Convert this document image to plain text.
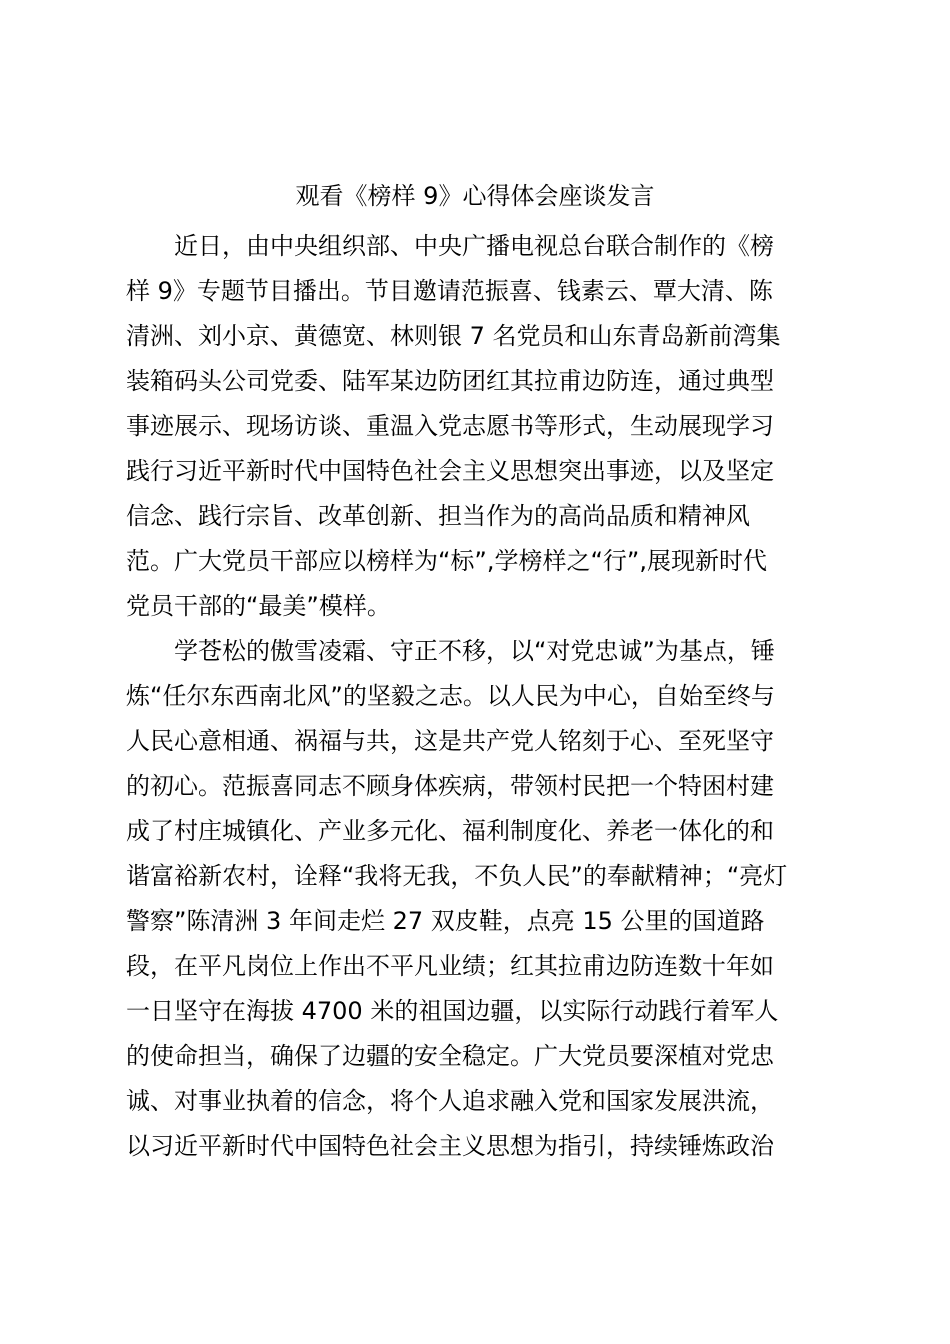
观看《榜样 9》心得体会座谈发言
近日，由中央组织部、中央广播电视总台联合制作的《榜
样 9》专题节目播出。节目邀请范振喜、钱素云、覃大清、陈
清洲、刘小京、黄德宽、林则银 7 名党员和山东青岛新前湾集
装箱码头公司党委、陆军某边防团红其拉甫边防连，通过典型
事迹展示、现场访谈、重温入党志愿书等形式，生动展现学习
践行习近平新时代中国特色社会主义思想突出事迹，以及坚定
信念、践行宗旨、改革创新、担当作为的高尚品质和精神风
范。广大党员干部应以榜样为“标”,学榜样之“行”,展现新时代
党员干部的“最美”模样。
学苍松的傲雪凌霜、守正不移，以“对党忠诚”为基点，锤
炼“任尔东西南北风”的坚毅之志。以人民为中心，自始至终与
人民心意相通、祸福与共，这是共产党人铭刻于心、至死坚守
的初心。范振喜同志不顾身体疾病，带领村民把一个特困村建
成了村庄城镇化、产业多元化、福利制度化、养老一体化的和
谐富裕新农村，诠释“我将无我，不负人民”的奉献精神；“亮灯
警察”陈清洲 3 年间走烂 27 双皮鞋，点亮 15 公里的国道路
段，在平凡岗位上作出不平凡业绩；红其拉甫边防连数十年如
一日坚守在海拔 4700 米的祖国边疆，以实际行动践行着军人
的使命担当，确保了边疆的安全稳定。广大党员要深植对党忠
诚、对事业执着的信念，将个人追求融入党和国家发展洪流，
以习近平新时代中国特色社会主义思想为指引，持续锤炼政治
